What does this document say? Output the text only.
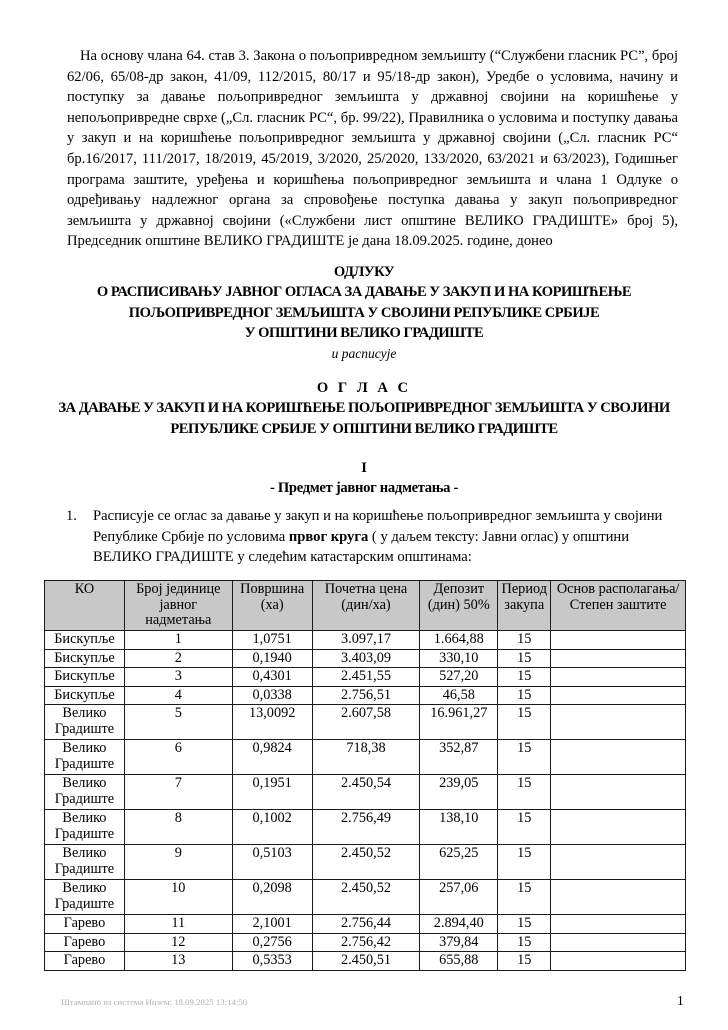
На основу члана 64. став 3. Закона о пољопривредном земљишту (“Службени гласник РС”, број 62/06, 65/08-др закон, 41/09, 112/2015, 80/17 и 95/18-др закон), Уредбе о условима, начину и поступку за давање пољопривредног земљишта у државној својини на коришћење у непољопривредне сврхе („Сл. гласник РС“, бр. 99/22), Правилника о условима и поступку давања у закуп и на коришћење пољопривредног земљишта у државној својини („Сл. гласник РС“ бр.16/2017, 111/2017, 18/2019, 45/2019, 3/2020, 25/2020, 133/2020, 63/2021 и 63/2023), Годишњег програма заштите, уређења и коришћења пољопривредног земљишта и члана 1 Одлуке о одређивању надлежног органа за спровођење поступка давања у закуп пољопривредног земљишта у државној својини («Службени лист општине ВЕЛИКО ГРАДИШТЕ» број 5), Председник општине ВЕЛИКО ГРАДИШТЕ је дана 18.09.2025. године, донео
ОДЛУКУ
О РАСПИСИВАЊУ ЈАВНОГ ОГЛАСА ЗА ДАВАЊЕ У ЗАКУП И НА КОРИШЋЕЊЕ
ПОЉОПРИВРЕДНОГ ЗЕМЉИШТА У СВОЈИНИ РЕПУБЛИКЕ СРБИЈЕ
У ОПШТИНИ ВЕЛИКО ГРАДИШТЕ
и расписује
О Г Л А С
ЗА ДАВАЊЕ У ЗАКУП И НА КОРИШЋЕЊЕ ПОЉОПРИВРЕДНОГ ЗЕМЉИШТА У СВОЈИНИ
РЕПУБЛИКЕ СРБИЈЕ У ОПШТИНИ ВЕЛИКО ГРАДИШТЕ
I
- Предмет јавног надметања -
1. Расписује се оглас за давање у закуп и на коришћење пољопривредног земљишта у својини Републике Србије по условима првог круга ( у даљем тексту: Јавни оглас) у општини ВЕЛИКО ГРАДИШТЕ у следећим катастарским општинама:
КО	Број јединице јавног надметања	Површина (ха)	Почетна цена (дин/ха)	Депозит (дин) 50%	Период закупа	Основ располагања/Степен заштите
Бискупље	1	1,0751	3.097,17	1.664,88	15	
Бискупље	2	0,1940	3.403,09	330,10	15	
Бискупље	3	0,4301	2.451,55	527,20	15	
Бискупље	4	0,0338	2.756,51	46,58	15	
Велико Градиште	5	13,0092	2.607,58	16.961,27	15	
Велико Градиште	6	0,9824	718,38	352,87	15	
Велико Градиште	7	0,1951	2.450,54	239,05	15	
Велико Градиште	8	0,1002	2.756,49	138,10	15	
Велико Градиште	9	0,5103	2.450,52	625,25	15	
Велико Градиште	10	0,2098	2.450,52	257,06	15	
Гарево	11	2,1001	2.756,44	2.894,40	15	
Гарево	12	0,2756	2.756,42	379,84	15	
Гарево	13	0,5353	2.450,51	655,88	15	
Штампано из система Инзем: 18.09.2025 13:14:50	1
